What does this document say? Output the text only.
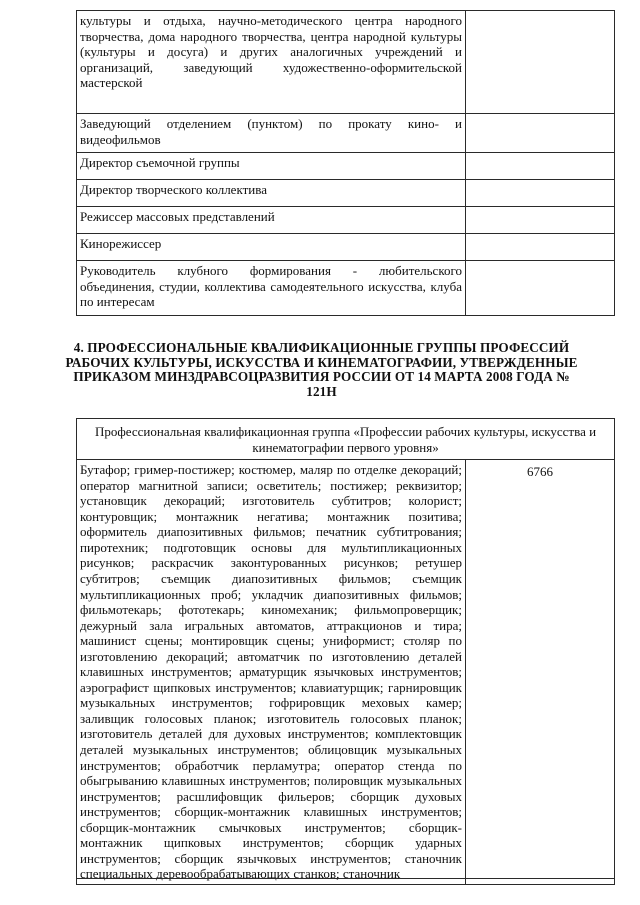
культуры и отдыха, научно-методического центра народного творчества, дома народного творчества, центра народной культуры (культуры и досуга) и других аналогичных учреждений и организаций, заведующий художественно-оформительской мастерской	

Заведующий отделением (пунктом) по прокату кино- и видеофильмов	

Директор съемочной группы	

Директор творческого коллектива	

Режиссер массовых представлений	

Кинорежиссер	

Руководитель клубного формирования - любительского объединения, студии, коллектива самодеятельного искусства, клуба по интересам	

4. ПРОФЕССИОНАЛЬНЫЕ КВАЛИФИКАЦИОННЫЕ ГРУППЫ ПРОФЕССИЙ РАБОЧИХ КУЛЬТУРЫ, ИСКУССТВА И КИНЕМАТОГРАФИИ, УТВЕРЖДЕННЫЕ ПРИКАЗОМ МИНЗДРАВСОЦРАЗВИТИЯ РОССИИ ОТ 14 МАРТА 2008 ГОДА № 121Н
Профессиональная квалификационная группа «Профессии рабочих культуры, искусства и кинематографии первого уровня»

Бутафор; гример-постижер; костюмер, маляр по отделке декораций; оператор магнитной записи; осветитель; постижер; реквизитор; установщик декораций; изготовитель субтитров; колорист; контуровщик; монтажник негатива; монтажник позитива; оформитель диапозитивных фильмов; печатник субтитрования; пиротехник; подготовщик основы для мультипликационных рисунков; раскрасчик законтурованных рисунков; ретушер субтитров; съемщик диапозитивных фильмов; съемщик мультипликационных проб; укладчик диапозитивных фильмов; фильмотекарь; фототекарь; киномеханик; фильмопроверщик; дежурный зала игральных автоматов, аттракционов и тира; машинист сцены; монтировщик сцены; униформист; столяр по изготовлению декораций; автоматчик по изготовлению деталей клавишных инструментов; арматурщик язычковых инструментов; аэрографист щипковых инструментов; клавиатурщик; гарнировщик музыкальных инструментов; гофрировщик меховых камер; заливщик голосовых планок; изготовитель голосовых планок; изготовитель деталей для духовых инструментов; комплектовщик деталей музыкальных инструментов; облицовщик музыкальных инструментов; обработчик перламутра; оператор стенда по обыгрыванию клавишных инструментов; полировщик музыкальных инструментов; расшлифовщик фильеров; сборщик духовых инструментов; сборщик-монтажник клавишных инструментов; сборщик-монтажник смычковых инструментов; сборщик-монтажник щипковых инструментов; сборщик ударных инструментов; сборщик язычковых инструментов; станочник специальных деревообрабатывающих станков; станочник
	6766
